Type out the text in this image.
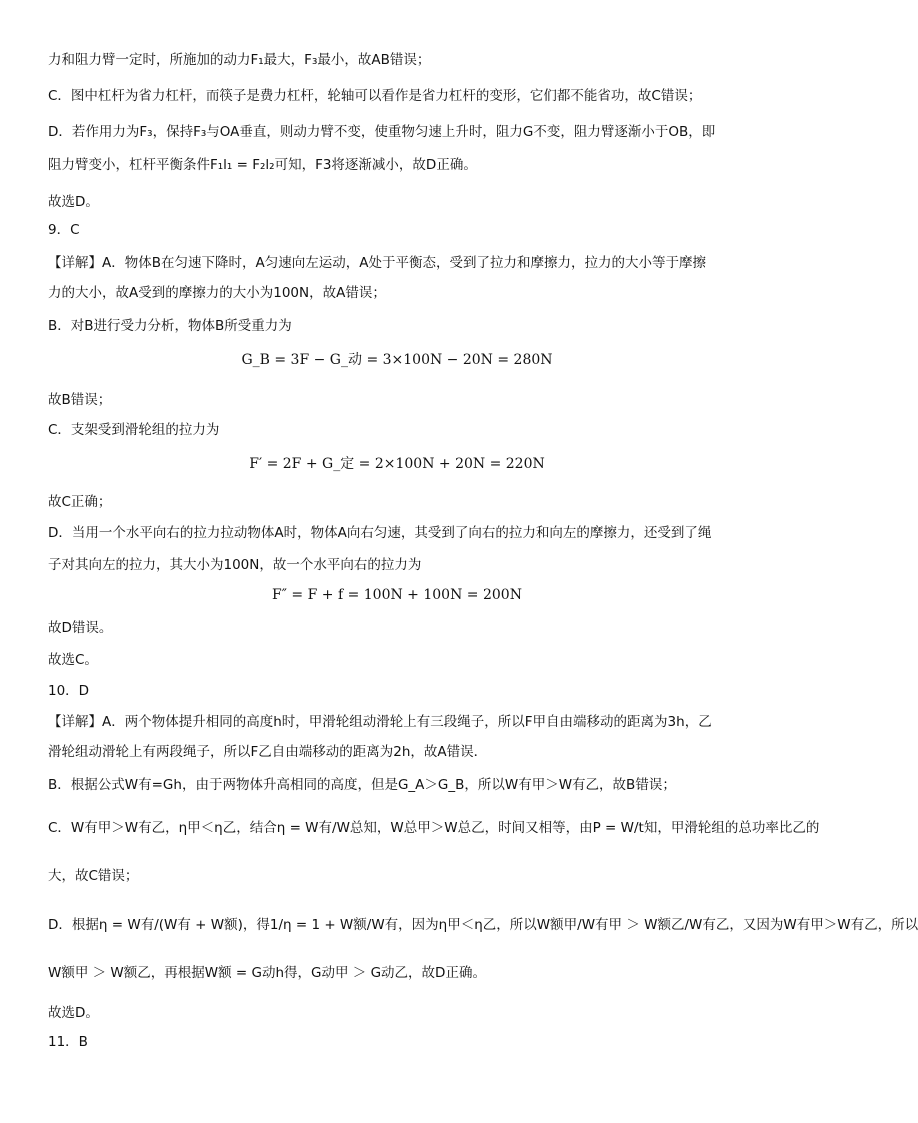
力和阻力臂一定时，所施加的动力F₁最大，F₃最小，故AB错误；
C．图中杠杆为省力杠杆，而筷子是费力杠杆，轮轴可以看作是省力杠杆的变形，它们都不能省功，故C错误；
D．若作用力为F₃，保持F₃与OA垂直，则动力臂不变，使重物匀速上升时，阻力G不变，阻力臂逐渐小于OB，即
阻力臂变小，杠杆平衡条件F₁l₁ = F₂l₂可知，F3将逐渐减小，故D正确。
故选D。
9．C
【详解】A．物体B在匀速下降时，A匀速向左运动，A处于平衡态，受到了拉力和摩擦力，拉力的大小等于摩擦
力的大小，故A受到的摩擦力的大小为100N，故A错误；
B．对B进行受力分析，物体B所受重力为
G_B = 3F − G_动 = 3×100N − 20N = 280N
故B错误；
C．支架受到滑轮组的拉力为
F′ = 2F + G_定 = 2×100N + 20N = 220N
故C正确；
D．当用一个水平向右的拉力拉动物体A时，物体A向右匀速，其受到了向右的拉力和向左的摩擦力，还受到了绳
子对其向左的拉力，其大小为100N，故一个水平向右的拉力为
F″ = F + f = 100N + 100N = 200N
故D错误。
故选C。
10．D
【详解】A．两个物体提升相同的高度h时，甲滑轮组动滑轮上有三段绳子，所以F甲自由端移动的距离为3h，乙
滑轮组动滑轮上有两段绳子，所以F乙自由端移动的距离为2h，故A错误．
B．根据公式W有=Gh，由于两物体升高相同的高度，但是G_A＞G_B，所以W有甲＞W有乙，故B错误；
C．W有甲＞W有乙，η甲＜η乙，结合η = W有/W总知，W总甲＞W总乙，时间又相等，由P = W/t知，甲滑轮组的总功率比乙的
大，故C错误；
D．根据η = W有/(W有 + W额)，得1/η = 1 + W额/W有，因为η甲＜η乙，所以W额甲/W有甲 ＞ W额乙/W有乙，又因为W有甲＞W有乙，所以
W额甲 ＞ W额乙，再根据W额 = G动h得，G动甲 ＞ G动乙，故D正确。
故选D。
11．B
